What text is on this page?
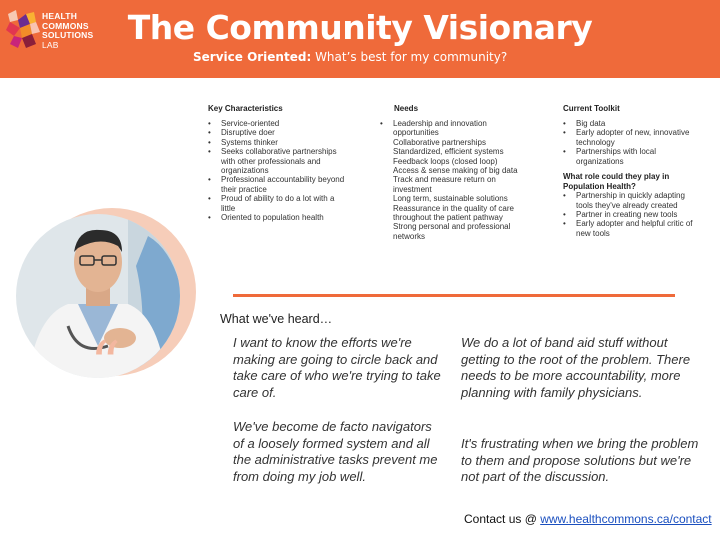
HEALTH
COMMONS
SOLUTIONS
LAB	The Community Visionary
Service Oriented: What’s best for my community?
Key Characteristics
• Service-oriented
• Disruptive doer
• Systems thinker
• Seeks collaborative partnerships
with other professionals and
organizations
• Professional accountability beyond
their practice
• Proud of ability to do a lot with a
little
• Oriented to population health
Needs
• Leadership and innovation
opportunities
Collaborative partnerships
Standardized, efficient systems
Feedback loops (closed loop)
Access & sense making of big data
Track and measure return on
investment
Long term, sustainable solutions
Reassurance in the quality of care
throughout the patient pathway
Strong personal and professional
networks
Current Toolkit
• Big data
• Early adopter of new, innovative
technology
• Partnerships with local
organizations
What role could they play in
Population Health?
• Partnership in quickly adapting
tools they've already created
• Partner in creating new tools
• Early adopter and helpful critic of
new tools
What we've heard…
“	I want to know the efforts we're making are going to circle back and take care of who we're trying to take care of.
We've become de facto navigators of a loosely formed system and all the administrative tasks prevent me from doing my job well.
We do a lot of band aid stuff without getting to the root of the problem. There needs to be more accountability, more planning with family physicians.
It's frustrating when we bring the problem to them and propose solutions but we're not part of the discussion.
Contact us @ www.healthcommons.ca/contact
